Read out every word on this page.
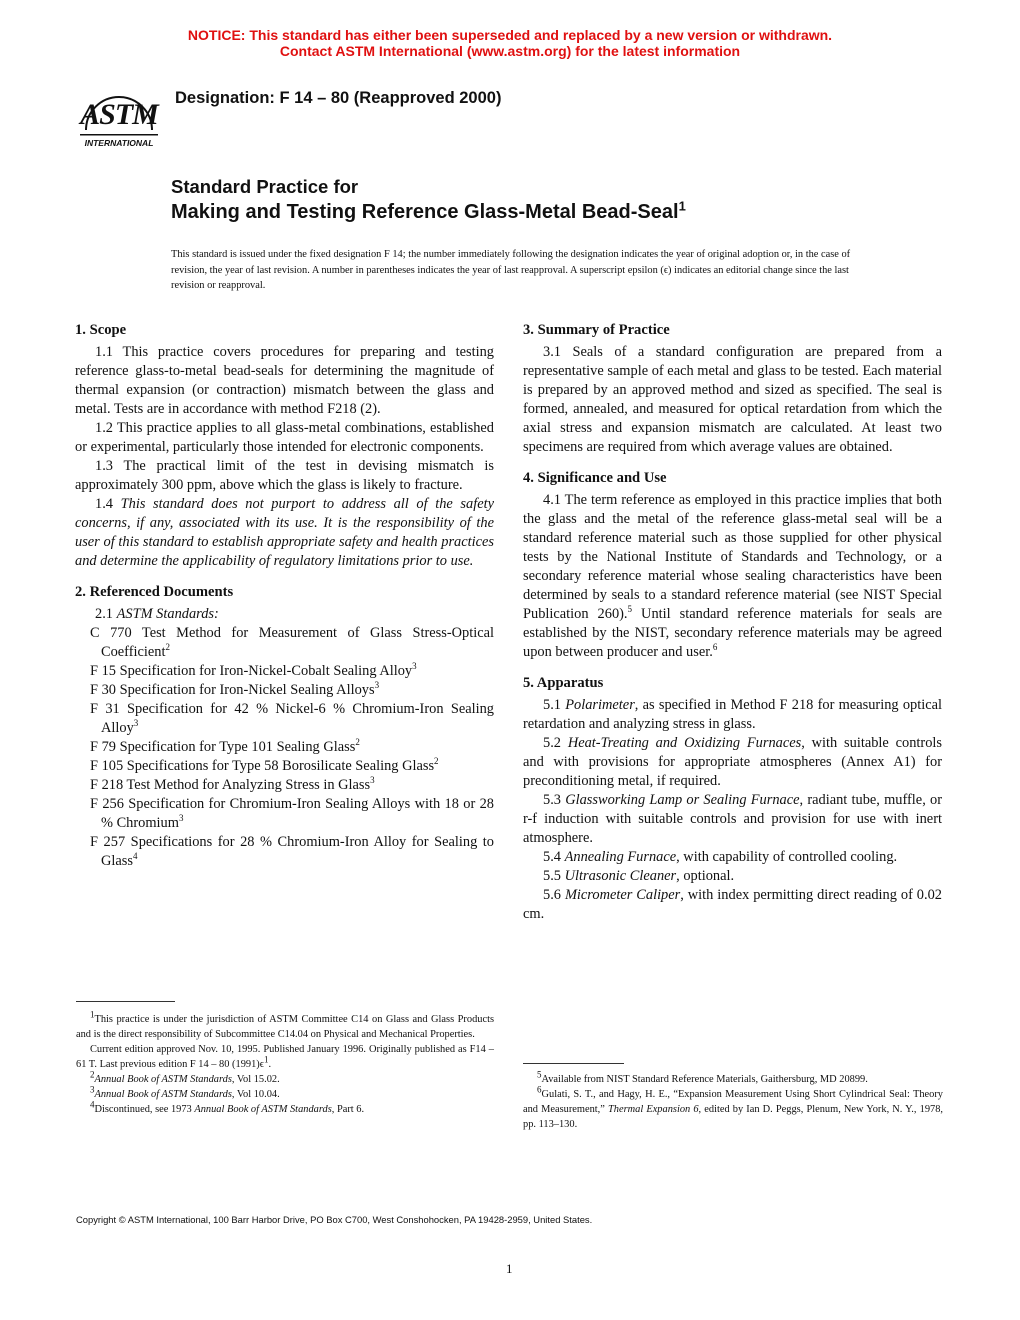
NOTICE: This standard has either been superseded and replaced by a new version or withdrawn.
Contact ASTM International (www.astm.org) for the latest information
ASTM
INTERNATIONAL
Designation: F 14 – 80 (Reapproved 2000)
Standard Practice for
Making and Testing Reference Glass-Metal Bead-Seal$^1$
This standard is issued under the fixed designation F 14; the number immediately following the designation indicates the year of original adoption or, in the case of revision, the year of last revision. A number in parentheses indicates the year of last reapproval. A superscript epsilon (ϵ) indicates an editorial change since the last revision or reapproval.
1. Scope

1.1 This practice covers procedures for preparing and testing reference glass-to-metal bead-seals for determining the magnitude of thermal expansion (or contraction) mismatch between the glass and metal. Tests are in accordance with method F218 (2).

1.2 This practice applies to all glass-metal combinations, established or experimental, particularly those intended for electronic components.

1.3 The practical limit of the test in devising mismatch is approximately 300 ppm, above which the glass is likely to fracture.

1.4 This standard does not purport to address all of the safety concerns, if any, associated with its use. It is the responsibility of the user of this standard to establish appropriate safety and health practices and determine the applicability of regulatory limitations prior to use.

2. Referenced Documents
2.1 ASTM Standards:
C 770 Test Method for Measurement of Glass Stress-Optical Coefficient$^2$
F 15 Specification for Iron-Nickel-Cobalt Sealing Alloy$^3$
F 30 Specification for Iron-Nickel Sealing Alloys$^3$
F 31 Specification for 42 % Nickel-6 % Chromium-Iron Sealing Alloy$^3$
F 79 Specification for Type 101 Sealing Glass$^2$
F 105 Specifications for Type 58 Borosilicate Sealing Glass$^2$
F 218 Test Method for Analyzing Stress in Glass$^3$
F 256 Specification for Chromium-Iron Sealing Alloys with 18 or 28 % Chromium$^3$
F 257 Specifications for 28 % Chromium-Iron Alloy for Sealing to Glass$^4$
3. Summary of Practice

3.1 Seals of a standard configuration are prepared from a representative sample of each metal and glass to be tested. Each material is prepared by an approved method and sized as specified. The seal is formed, annealed, and measured for optical retardation from which the axial stress and expansion mismatch are calculated. At least two specimens are required from which average values are obtained.

4. Significance and Use

4.1 The term reference as employed in this practice implies that both the glass and the metal of the reference glass-metal seal will be a standard reference material such as those supplied for other physical tests by the National Institute of Standards and Technology, or a secondary reference material whose sealing characteristics have been determined by seals to a standard reference material (see NIST Special Publication 260).$^5$ Until standard reference materials for seals are established by the NIST, secondary reference materials may be agreed upon between producer and user.$^6$

5. Apparatus

5.1 Polarimeter, as specified in Method F 218 for measuring optical retardation and analyzing stress in glass.

5.2 Heat-Treating and Oxidizing Furnaces, with suitable controls and with provisions for appropriate atmospheres (Annex A1) for preconditioning metal, if required.

5.3 Glassworking Lamp or Sealing Furnace, radiant tube, muffle, or r-f induction with suitable controls and provision for use with inert atmosphere.

5.4 Annealing Furnace, with capability of controlled cooling.

5.5 Ultrasonic Cleaner, optional.

5.6 Micrometer Caliper, with index permitting direct reading of 0.02 cm.

$^1$This practice is under the jurisdiction of ASTM Committee C14 on Glass and Glass Products and is the direct responsibility of Subcommittee C14.04 on Physical and Mechanical Properties.
Current edition approved Nov. 10, 1995. Published January 1996. Originally published as F14 – 61 T. Last previous edition F 14 – 80 $(1991)\epsilon^1$.
$^2$Annual Book of ASTM Standards, Vol 15.02.
$^3$Annual Book of ASTM Standards, Vol 10.04.
$^4$Discontinued, see 1973 Annual Book of ASTM Standards, Part 6.
$^5$Available from NIST Standard Reference Materials, Gaithersburg, MD 20899.
$^6$Gulati, S. T., and Hagy, H. E., “Expansion Measurement Using Short Cylindrical Seal: Theory and Measurement,” Thermal Expansion 6, edited by Ian D. Peggs, Plenum, New York, N. Y., 1978, pp. 113–130.
Copyright © ASTM International, 100 Barr Harbor Drive, PO Box C700, West Conshohocken, PA 19428-2959, United States.
1
